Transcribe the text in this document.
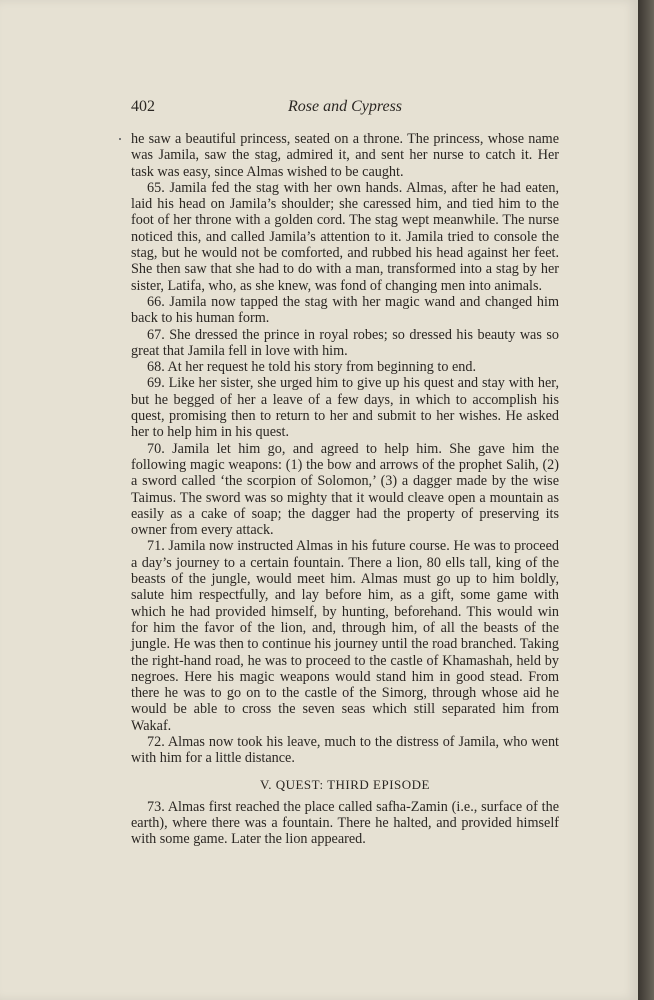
402	Rose and Cypress

he saw a beautiful princess, seated on a throne. The princess, whose name was Jamila, saw the stag, admired it, and sent her nurse to catch it. Her task was easy, since Almas wished to be caught.

65. Jamila fed the stag with her own hands. Almas, after he had eaten, laid his head on Jamila’s shoulder; she caressed him, and tied him to the foot of her throne with a golden cord. The stag wept meanwhile. The nurse noticed this, and called Jamila’s attention to it. Jamila tried to console the stag, but he would not be comforted, and rubbed his head against her feet. She then saw that she had to do with a man, transformed into a stag by her sister, Latifa, who, as she knew, was fond of changing men into animals.

66. Jamila now tapped the stag with her magic wand and changed him back to his human form.

67. She dressed the prince in royal robes; so dressed his beauty was so great that Jamila fell in love with him.

68. At her request he told his story from beginning to end.

69. Like her sister, she urged him to give up his quest and stay with her, but he begged of her a leave of a few days, in which to accomplish his quest, promising then to return to her and submit to her wishes. He asked her to help him in his quest.

70. Jamila let him go, and agreed to help him. She gave him the following magic weapons: (1) the bow and arrows of the prophet Salih, (2) a sword called ‘the scorpion of Solomon,’ (3) a dagger made by the wise Taimus. The sword was so mighty that it would cleave open a mountain as easily as a cake of soap; the dagger had the property of preserving its owner from every attack.

71. Jamila now instructed Almas in his future course. He was to proceed a day’s journey to a certain fountain. There a lion, 80 ells tall, king of the beasts of the jungle, would meet him. Almas must go up to him boldly, salute him respectfully, and lay before him, as a gift, some game with which he had provided himself, by hunting, beforehand. This would win for him the favor of the lion, and, through him, of all the beasts of the jungle. He was then to continue his journey until the road branched. Taking the right-hand road, he was to proceed to the castle of Khamashah, held by negroes. Here his magic weapons would stand him in good stead. From there he was to go on to the castle of the Simorg, through whose aid he would be able to cross the seven seas which still separated him from Wakaf.

72. Almas now took his leave, much to the distress of Jamila, who went with him for a little distance.

V. QUEST: THIRD EPISODE

73. Almas first reached the place called safha-Zamin (i.e., surface of the earth), where there was a fountain. There he halted, and provided himself with some game. Later the lion appeared.
